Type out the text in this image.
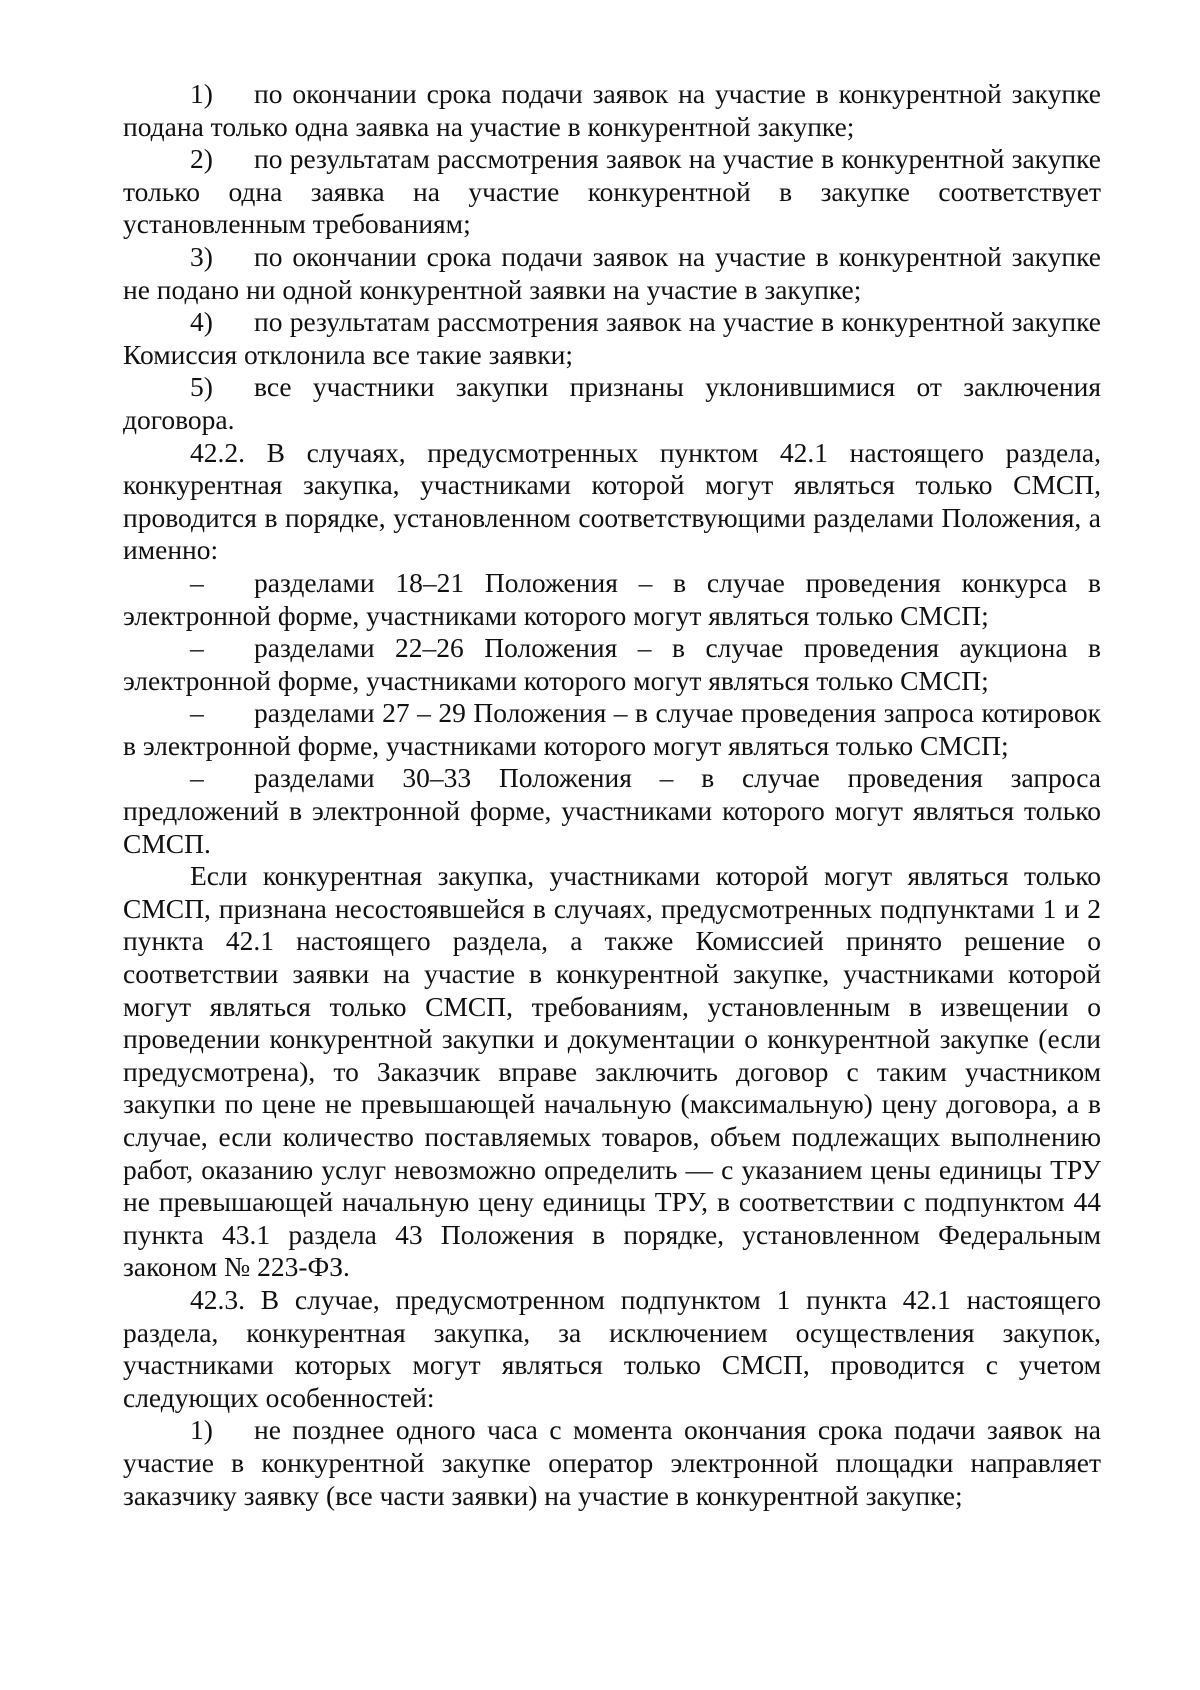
1) по окончании срока подачи заявок на участие в конкурентной закупке подана только одна заявка на участие в конкурентной закупке;

2) по результатам рассмотрения заявок на участие в конкурентной закупке только одна заявка на участие конкурентной в закупке соответствует установленным требованиям;

3) по окончании срока подачи заявок на участие в конкурентной закупке не подано ни одной конкурентной заявки на участие в закупке;

4) по результатам рассмотрения заявок на участие в конкурентной закупке Комиссия отклонила все такие заявки;

5) все участники закупки признаны уклонившимися от заключения договора.

42.2. В случаях, предусмотренных пунктом 42.1 настоящего раздела, конкурентная закупка, участниками которой могут являться только СМСП, проводится в порядке, установленном соответствующими разделами Положения, а именно:

– разделами 18–21 Положения – в случае проведения конкурса в электронной форме, участниками которого могут являться только СМСП;

– разделами 22–26 Положения – в случае проведения аукциона в электронной форме, участниками которого могут являться только СМСП;

– разделами 27 – 29 Положения – в случае проведения запроса котировок в электронной форме, участниками которого могут являться только СМСП;

– разделами 30–33 Положения – в случае проведения запроса предложений в электронной форме, участниками которого могут являться только СМСП.

Если конкурентная закупка, участниками которой могут являться только СМСП, признана несостоявшейся в случаях, предусмотренных подпунктами 1 и 2 пункта 42.1 настоящего раздела, а также Комиссией принято решение о соответствии заявки на участие в конкурентной закупке, участниками которой могут являться только СМСП, требованиям, установленным в извещении о проведении конкурентной закупки и документации о конкурентной закупке (если предусмотрена), то Заказчик вправе заключить договор с таким участником закупки по цене не превышающей начальную (максимальную) цену договора, а в случае, если количество поставляемых товаров, объем подлежащих выполнению работ, оказанию услуг невозможно определить — с указанием цены единицы ТРУ не превышающей начальную цену единицы ТРУ, в соответствии с подпунктом 44 пункта 43.1 раздела 43 Положения в порядке, установленном Федеральным законом № 223-ФЗ.

42.3. В случае, предусмотренном подпунктом 1 пункта 42.1 настоящего раздела, конкурентная закупка, за исключением осуществления закупок, участниками которых могут являться только СМСП, проводится с учетом следующих особенностей:

1) не позднее одного часа с момента окончания срока подачи заявок на участие в конкурентной закупке оператор электронной площадки направляет заказчику заявку (все части заявки) на участие в конкурентной закупке;
